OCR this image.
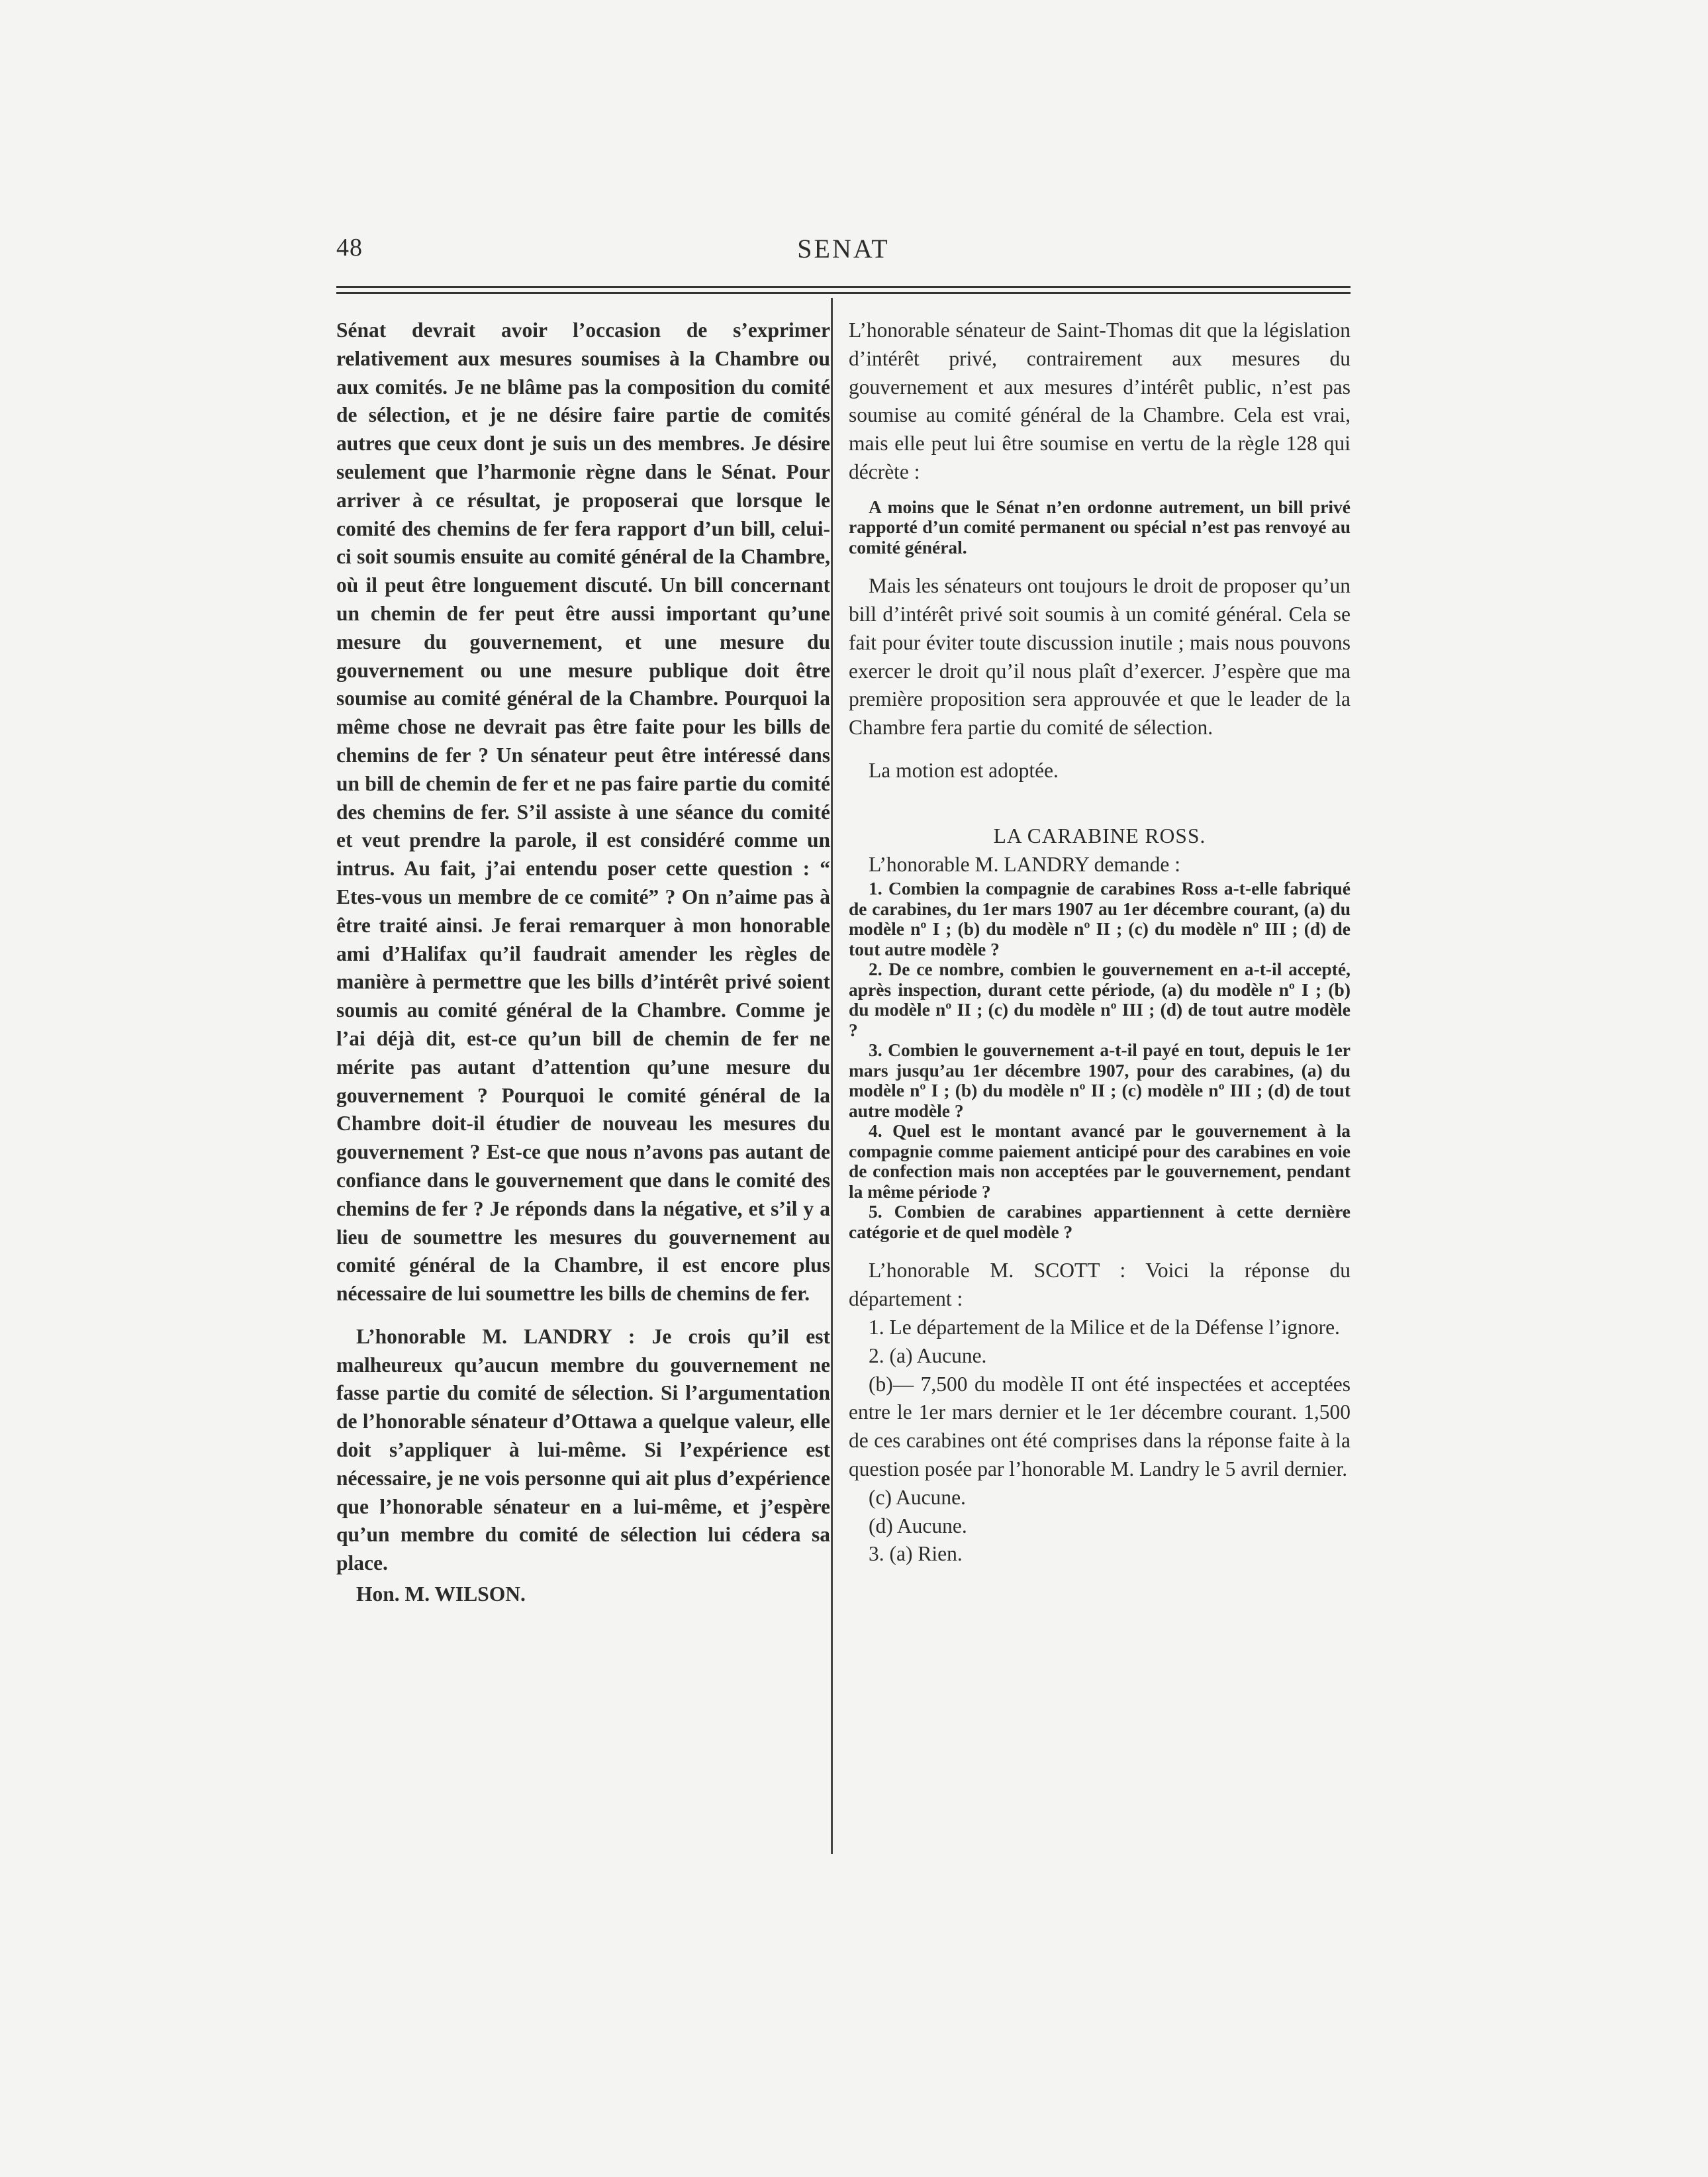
48	SENAT

Sénat devrait avoir l’occasion de s’exprimer relativement aux mesures soumises à la Chambre ou aux comités. Je ne blâme pas la composition du comité de sélection, et je ne désire faire partie de comités autres que ceux dont je suis un des membres. Je désire seulement que l’harmonie règne dans le Sénat. Pour arriver à ce résultat, je proposerai que lorsque le comité des chemins de fer fera rapport d’un bill, celui-ci soit soumis ensuite au comité général de la Chambre, où il peut être longuement discuté. Un bill concernant un chemin de fer peut être aussi important qu’une mesure du gouvernement, et une mesure du gouvernement ou une mesure publique doit être soumise au comité général de la Chambre. Pourquoi la même chose ne devrait pas être faite pour les bills de chemins de fer ? Un sénateur peut être intéressé dans un bill de chemin de fer et ne pas faire partie du comité des chemins de fer. S’il assiste à une séance du comité et veut prendre la parole, il est considéré comme un intrus. Au fait, j’ai entendu poser cette question : “ Etes-vous un membre de ce comité” ? On n’aime pas à être traité ainsi. Je ferai remarquer à mon honorable ami d’Halifax qu’il faudrait amender les règles de manière à permettre que les bills d’intérêt privé soient soumis au comité général de la Chambre. Comme je l’ai déjà dit, est-ce qu’un bill de chemin de fer ne mérite pas autant d’attention qu’une mesure du gouvernement ? Pourquoi le comité général de la Chambre doit-il étudier de nouveau les mesures du gouvernement ? Est-ce que nous n’avons pas autant de confiance dans le gouvernement que dans le comité des chemins de fer ? Je réponds dans la négative, et s’il y a lieu de soumettre les mesures du gouvernement au comité général de la Chambre, il est encore plus nécessaire de lui soumettre les bills de chemins de fer.

L’honorable M. LANDRY : Je crois qu’il est malheureux qu’aucun membre du gouvernement ne fasse partie du comité de sélection. Si l’argumentation de l’honorable sénateur d’Ottawa a quelque valeur, elle doit s’appliquer à lui-même. Si l’expérience est nécessaire, je ne vois personne qui ait plus d’expérience que l’honorable sénateur en a lui-même, et j’espère qu’un membre du comité de sélection lui cédera sa place.

Hon. M. WILSON.

L’honorable sénateur de Saint-Thomas dit que la législation d’intérêt privé, contrairement aux mesures du gouvernement et aux mesures d’intérêt public, n’est pas soumise au comité général de la Chambre. Cela est vrai, mais elle peut lui être soumise en vertu de la règle 128 qui décrète :

A moins que le Sénat n’en ordonne autrement, un bill privé rapporté d’un comité permanent ou spécial n’est pas renvoyé au comité général.

Mais les sénateurs ont toujours le droit de proposer qu’un bill d’intérêt privé soit soumis à un comité général. Cela se fait pour éviter toute discussion inutile ; mais nous pouvons exercer le droit qu’il nous plaît d’exercer. J’espère que ma première proposition sera approuvée et que le leader de la Chambre fera partie du comité de sélection.

La motion est adoptée.

LA CARABINE ROSS.

L’honorable M. LANDRY demande :

1. Combien la compagnie de carabines Ross a-t-elle fabriqué de carabines, du 1er mars 1907 au 1er décembre courant, (a) du modèle nº I ; (b) du modèle nº II ; (c) du modèle nº III ; (d) de tout autre modèle ?

2. De ce nombre, combien le gouvernement en a-t-il accepté, après inspection, durant cette période, (a) du modèle nº I ; (b) du modèle nº II ; (c) du modèle nº III ; (d) de tout autre modèle ?

3. Combien le gouvernement a-t-il payé en tout, depuis le 1er mars jusqu’au 1er décembre 1907, pour des carabines, (a) du modèle nº I ; (b) du modèle nº II ; (c) modèle nº III ; (d) de tout autre modèle ?

4. Quel est le montant avancé par le gouvernement à la compagnie comme paiement anticipé pour des carabines en voie de confection mais non acceptées par le gouvernement, pendant la même période ?

5. Combien de carabines appartiennent à cette dernière catégorie et de quel modèle ?

L’honorable M. SCOTT : Voici la réponse du département :

1. Le département de la Milice et de la Défense l’ignore.

2. (a) Aucune.

(b)— 7,500 du modèle II ont été inspectées et acceptées entre le 1er mars dernier et le 1er décembre courant. 1,500 de ces carabines ont été comprises dans la réponse faite à la question posée par l’honorable M. Landry le 5 avril dernier.

(c) Aucune.

(d) Aucune.

3. (a) Rien.
